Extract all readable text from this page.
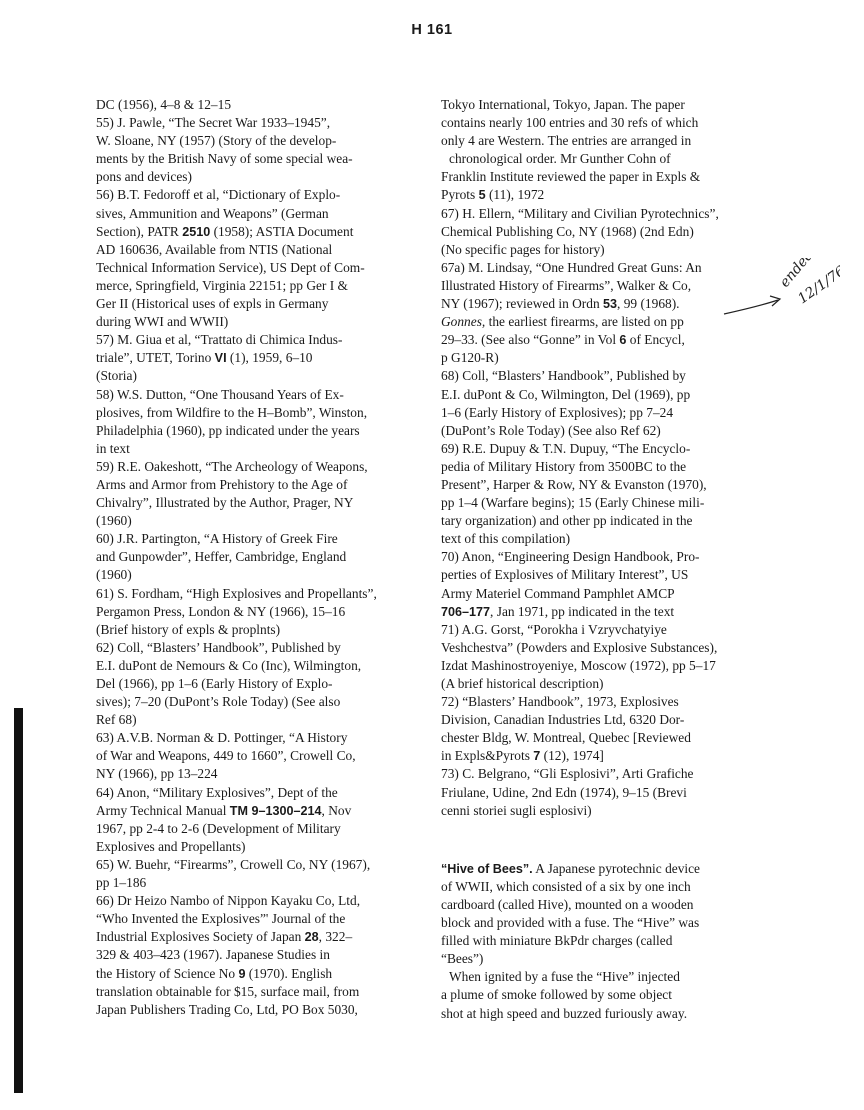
H 161
DC (1956), 4–8 & 12–15
55) J. Pawle, “The Secret War 1933–1945”,
W. Sloane, NY (1957) (Story of the develop-
ments by the British Navy of some special wea-
pons and devices)
56) B.T. Fedoroff et al, “Dictionary of Explo-
sives, Ammunition and Weapons” (German
Section), PATR 2510 (1958); ASTIA Document
AD 160636, Available from NTIS (National
Technical Information Service), US Dept of Com-
merce, Springfield, Virginia 22151; pp Ger I &
Ger II (Historical uses of expls in Germany
during WWI and WWII)
57) M. Giua et al, “Trattato di Chimica Indus-
triale”, UTET, Torino VI (1), 1959, 6–10
(Storia)
58) W.S. Dutton, “One Thousand Years of Ex-
plosives, from Wildfire to the H–Bomb”, Winston,
Philadelphia (1960), pp indicated under the years
in text
59) R.E. Oakeshott, “The Archeology of Weapons,
Arms and Armor from Prehistory to the Age of
Chivalry”, Illustrated by the Author, Prager, NY
(1960)
60) J.R. Partington, “A History of Greek Fire
and Gunpowder”, Heffer, Cambridge, England
(1960)
61) S. Fordham, “High Explosives and Propellants”,
Pergamon Press, London & NY (1966), 15–16
(Brief history of expls & proplnts)
62) Coll, “Blasters’ Handbook”, Published by
E.I. duPont de Nemours & Co (Inc), Wilmington,
Del (1966), pp 1–6 (Early History of Explo-
sives); 7–20 (DuPont’s Role Today) (See also
Ref 68)
63) A.V.B. Norman & D. Pottinger, “A History
of War and Weapons, 449 to 1660”, Crowell Co,
NY (1966), pp 13–224
64) Anon, “Military Explosives”, Dept of the
Army Technical Manual TM 9–1300–214, Nov
1967, pp 2-4 to 2-6 (Development of Military
Explosives and Propellants)
65) W. Buehr, “Firearms”, Crowell Co, NY (1967),
pp 1–186
66) Dr Heizo Nambo of Nippon Kayaku Co, Ltd,
“Who Invented the Explosives”' Journal of the
Industrial Explosives Society of Japan 28, 322–
329 & 403–423 (1967). Japanese Studies in
the History of Science No 9 (1970). English
translation obtainable for $15, surface mail, from
Japan Publishers Trading Co, Ltd, PO Box 5030,
Tokyo International, Tokyo, Japan. The paper
contains nearly 100 entries and 30 refs of which
only 4 are Western. The entries are arranged in
chronological order. Mr Gunther Cohn of
Franklin Institute reviewed the paper in Expls &
Pyrots 5 (11), 1972
67) H. Ellern, “Military and Civilian Pyrotechnics”,
Chemical Publishing Co, NY (1968) (2nd Edn)
(No specific pages for history)
67a) M. Lindsay, “One Hundred Great Guns: An
Illustrated History of Firearms”, Walker & Co,
NY (1967); reviewed in Ordn 53, 99 (1968).
Gonnes, the earliest firearms, are listed on pp
29–33. (See also “Gonne” in Vol 6 of Encycl,
p G120-R)
68) Coll, “Blasters’ Handbook”, Published by
E.I. duPont & Co, Wilmington, Del (1969), pp
1–6 (Early History of Explosives); pp 7–24
(DuPont’s Role Today) (See also Ref 62)
69) R.E. Dupuy & T.N. Dupuy, “The Encyclo-
pedia of Military History from 3500BC to the
Present”, Harper & Row, NY & Evanston (1970),
pp 1–4 (Warfare begins); 15 (Early Chinese mili-
tary organization) and other pp indicated in the
text of this compilation)
70) Anon, “Engineering Design Handbook, Pro-
perties of Explosives of Military Interest”, US
Army Materiel Command Pamphlet AMCP
706–177, Jan 1971, pp indicated in the text
71) A.G. Gorst, “Porokha i Vzryvchatyiye
Veshchestva” (Powders and Explosive Substances),
Izdat Mashinostroyeniye, Moscow (1972), pp 5–17
(A brief historical description)
72) “Blasters’ Handbook”, 1973, Explosives
Division, Canadian Industries Ltd, 6320 Dor-
chester Bldg, W. Montreal, Quebec [Reviewed
in Expls&Pyrots 7 (12), 1974]
73) C. Belgrano, “Gli Esplosivi”, Arti Grafiche
Friulane, Udine, 2nd Edn (1974), 9–15 (Brevi
cenni storiei sugli esplosivi)
“Hive of Bees”. A Japanese pyrotechnic device
of WWII, which consisted of a six by one inch
cardboard (called Hive), mounted on a wooden
block and provided with a fuse. The “Hive” was
filled with miniature BkPdr charges (called
“Bees”)
When ignited by a fuse the “Hive” injected
a plume of smoke followed by some object
shot at high speed and buzzed furiously away.
ended
12/1/76
